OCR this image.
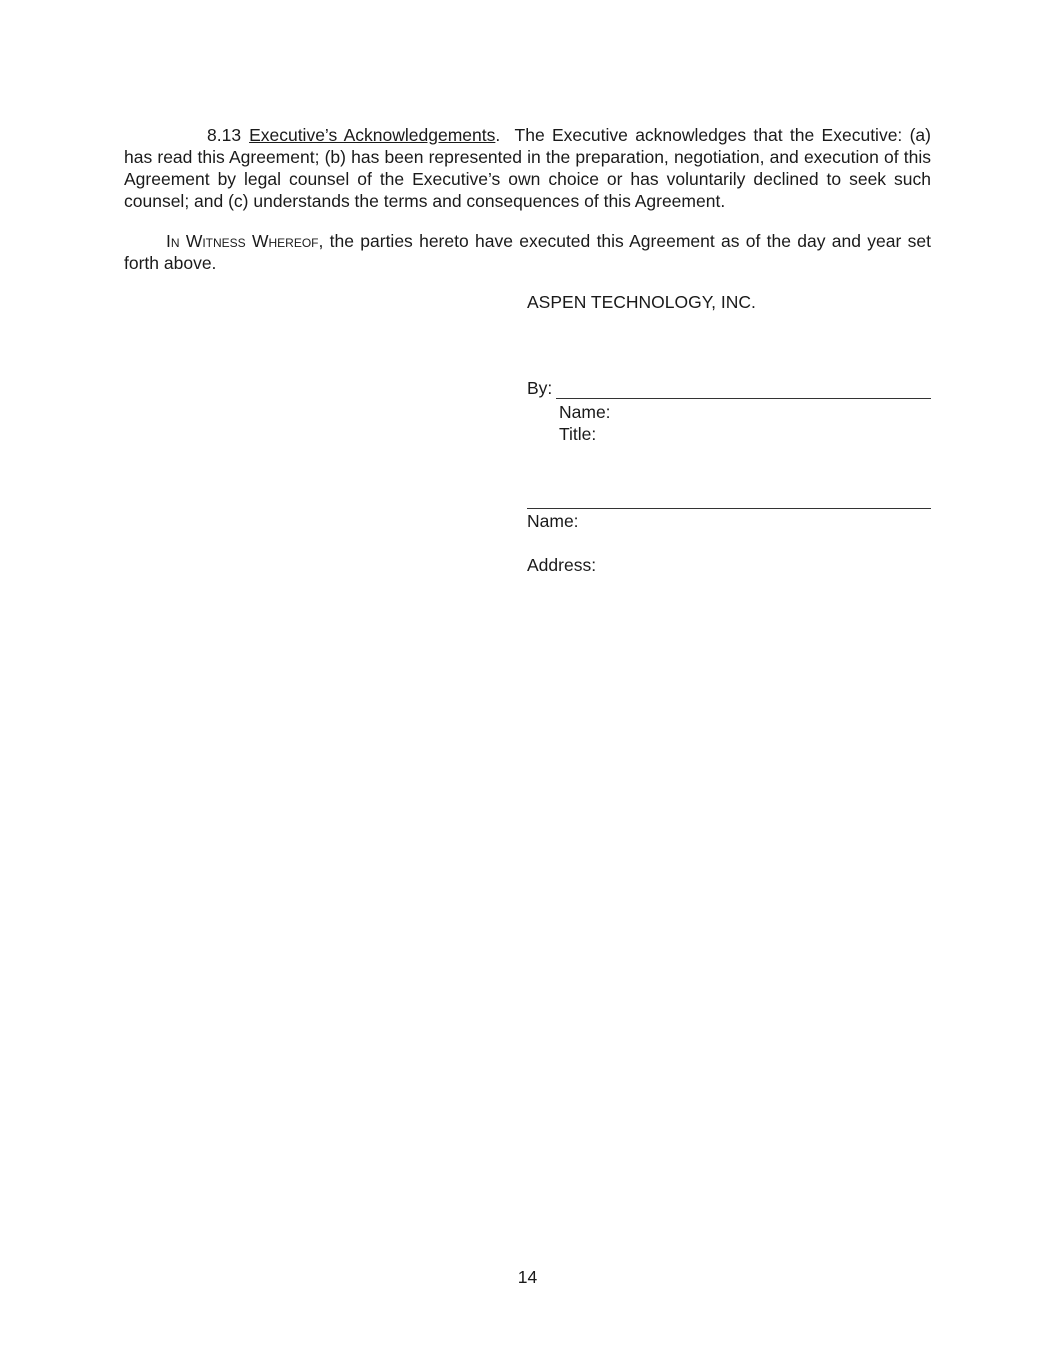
8.13 Executive’s Acknowledgements. The Executive acknowledges that the Executive: (a) has read this Agreement; (b) has been represented in the preparation, negotiation, and execution of this Agreement by legal counsel of the Executive’s own choice or has voluntarily declined to seek such counsel; and (c) understands the terms and consequences of this Agreement.
In Witness Whereof, the parties hereto have executed this Agreement as of the day and year set forth above.
ASPEN TECHNOLOGY, INC.
By:
Name:
Title:
Name:
Address:
14
